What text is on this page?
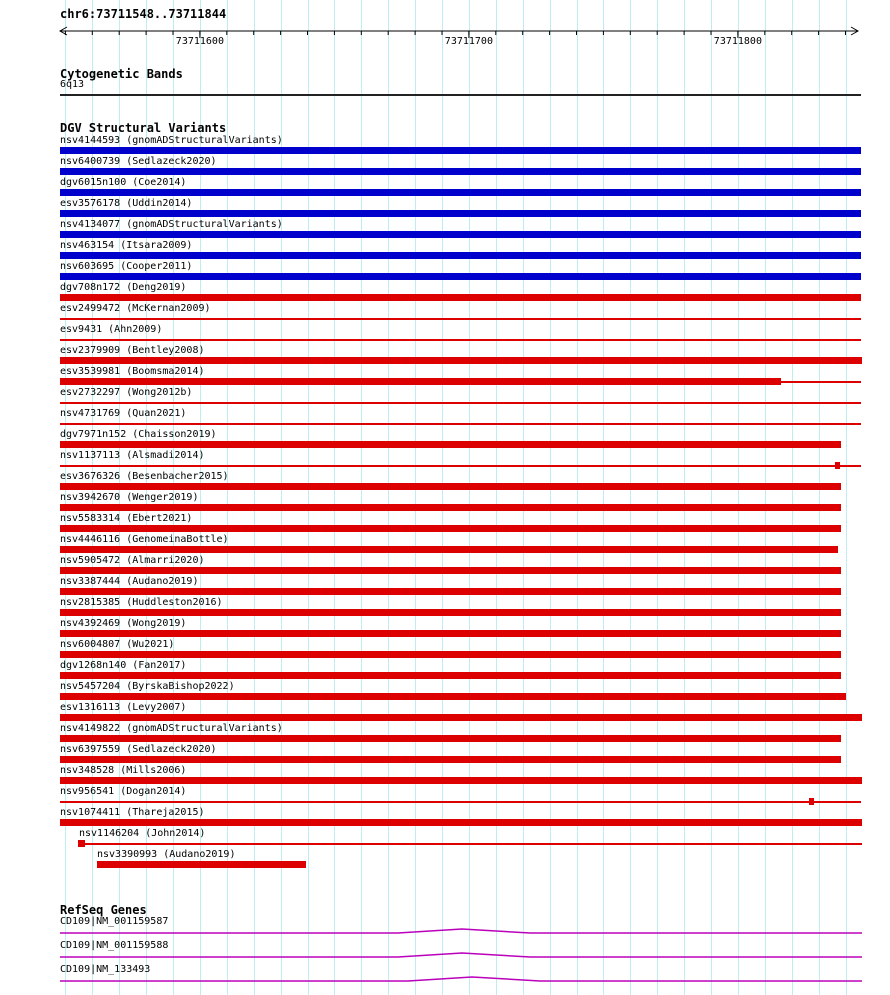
chr6:73711548..73711844
73711600	73711700	73711800
Cytogenetic Bands
6q13
DGV Structural Variants
nsv4144593 (gnomADStructuralVariants)
nsv6400739 (Sedlazeck2020)
dgv6015n100 (Coe2014)
esv3576178 (Uddin2014)
nsv4134077 (gnomADStructuralVariants)
nsv463154 (Itsara2009)
nsv603695 (Cooper2011)
dgv708n172 (Deng2019)
esv2499472 (McKernan2009)
esv9431 (Ahn2009)
esv2379909 (Bentley2008)
esv3539981 (Boomsma2014)
esv2732297 (Wong2012b)
nsv4731769 (Quan2021)
dgv7971n152 (Chaisson2019)
nsv1137113 (Alsmadi2014)
esv3676326 (Besenbacher2015)
nsv3942670 (Wenger2019)
nsv5583314 (Ebert2021)
nsv4446116 (GenomeinaBottle)
nsv5905472 (Almarri2020)
nsv3387444 (Audano2019)
nsv2815385 (Huddleston2016)
nsv4392469 (Wong2019)
nsv6004807 (Wu2021)
dgv1268n140 (Fan2017)
nsv5457204 (ByrskaBishop2022)
esv1316113 (Levy2007)
nsv4149822 (gnomADStructuralVariants)
nsv6397559 (Sedlazeck2020)
nsv348528 (Mills2006)
nsv956541 (Dogan2014)
nsv1074411 (Thareja2015)
nsv1146204 (John2014)
nsv3390993 (Audano2019)
RefSeq Genes
CD109|NM_001159587
CD109|NM_001159588
CD109|NM_133493
